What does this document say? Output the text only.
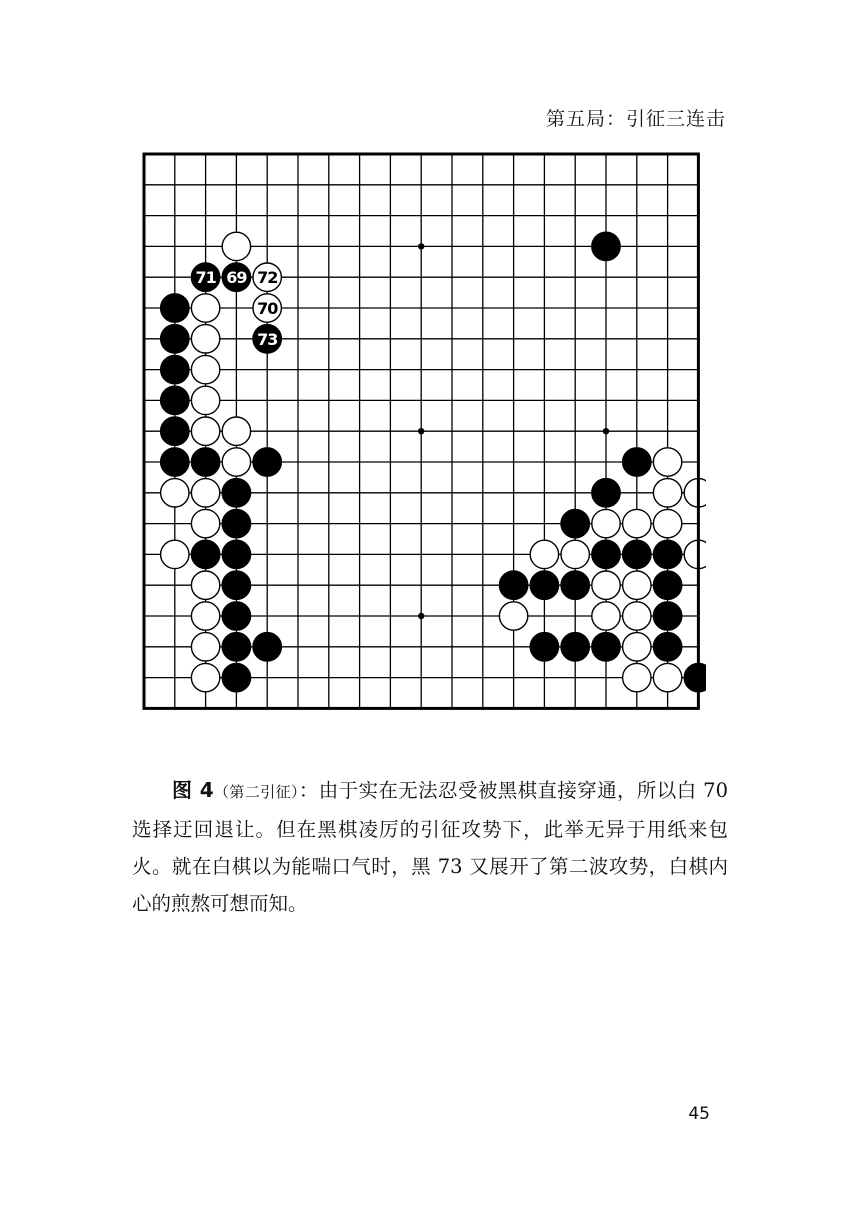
第五局：引征三连击
71 69 72
70
73
图 4（第二引征）：由于实在无法忍受被黑棋直接穿通，所以白 70 选择迂回退让。但在黑棋凌厉的引征攻势下，此举无异于用纸来包火。就在白棋以为能喘口气时，黑 73 又展开了第二波攻势，白棋内心的煎熬可想而知。
45
